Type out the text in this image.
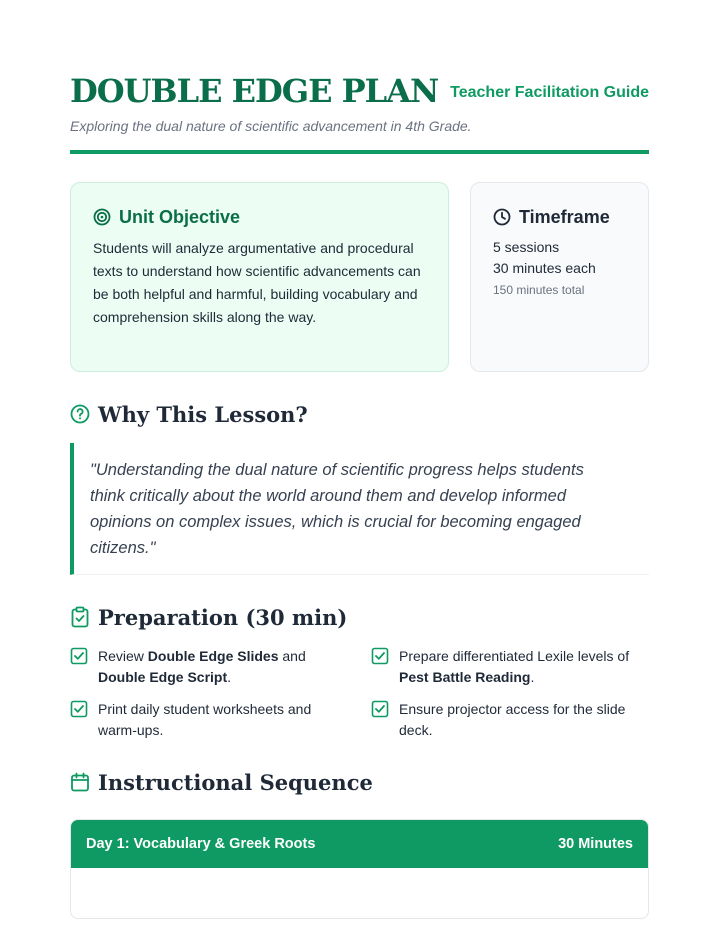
DOUBLE EDGE PLAN Teacher Facilitation Guide
Exploring the dual nature of scientific advancement in 4th Grade.
Unit Objective
Students will analyze argumentative and procedural texts to understand how scientific advancements can be both helpful and harmful, building vocabulary and comprehension skills along the way.
Timeframe
5 sessions
30 minutes each
150 minutes total
Why This Lesson?
"Understanding the dual nature of scientific progress helps students think critically about the world around them and develop informed opinions on complex issues, which is crucial for becoming engaged citizens."
Preparation (30 min)
Review Double Edge Slides and Double Edge Script.
Prepare differentiated Lexile levels of Pest Battle Reading.
Print daily student worksheets and warm-ups.
Ensure projector access for the slide deck.
Instructional Sequence
Day 1: Vocabulary & Greek Roots	30 Minutes
